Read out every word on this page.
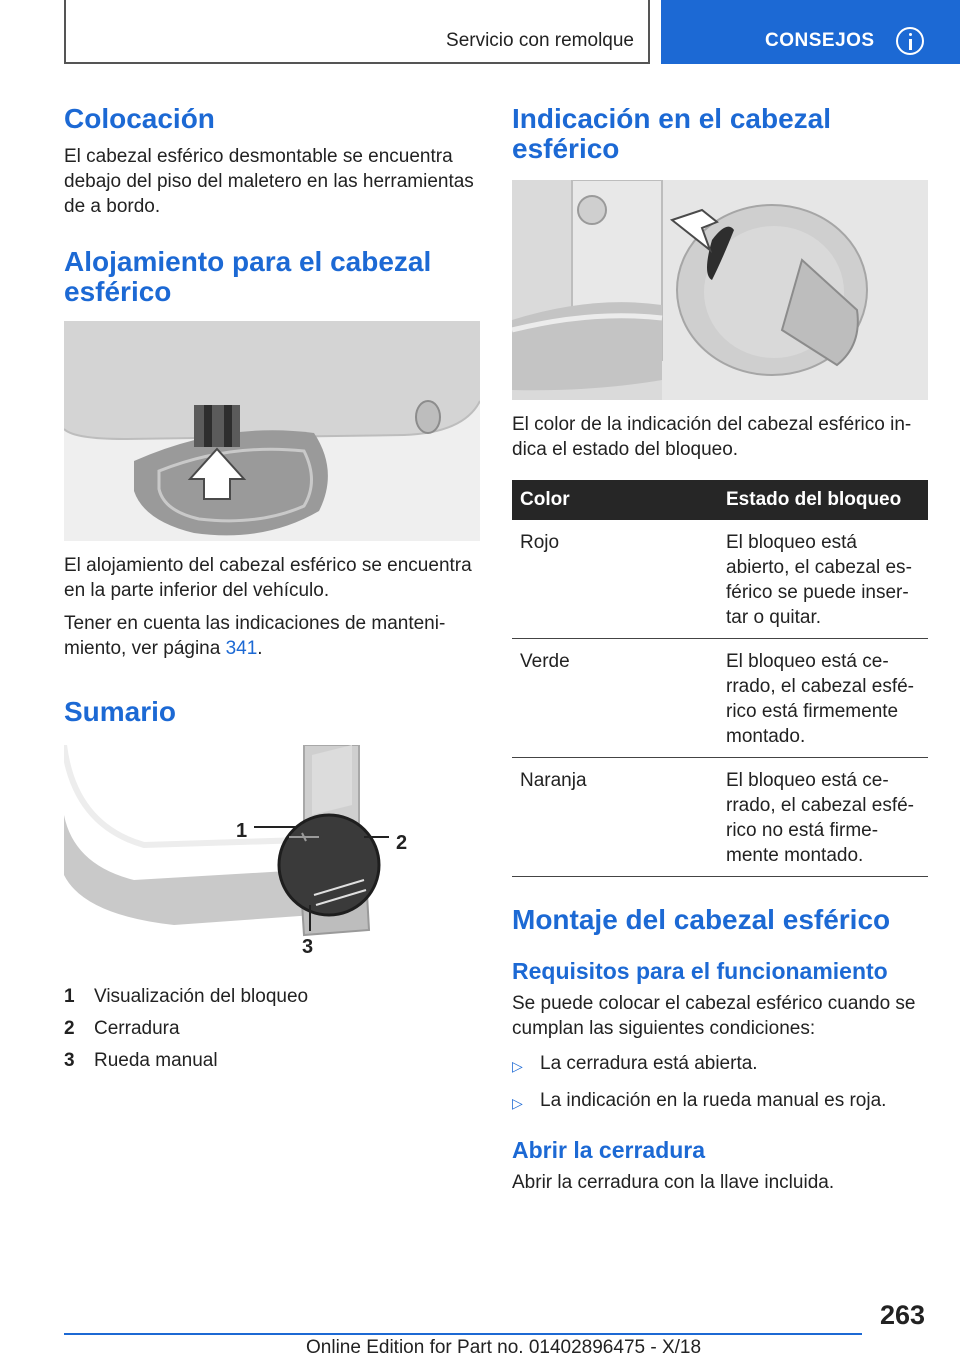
Servicio con remolque	CONSEJOS
Colocación

El cabezal esférico desmontable se encuentra debajo del piso del maletero en las herramientas de a bordo.

Alojamiento para el cabezal esférico

El alojamiento del cabezal esférico se encuentra en la parte inferior del vehículo.

Tener en cuenta las indicaciones de mantenimiento, ver página 341.

Sumario
1
2
3
1	Visualización del bloqueo
2	Cerradura
3	Rueda manual
Indicación en el cabezal esférico

El color de la indicación del cabezal esférico indica el estado del bloqueo.

Color	Estado del bloqueo
Rojo	El bloqueo está abierto, el cabezal esférico se puede insertar o quitar.
Verde	El bloqueo está cerrado, el cabezal esférico está firmemente montado.
Naranja	El bloqueo está cerrado, el cabezal esférico no está firmemente montado.
Montaje del cabezal esférico
Requisitos para el funcionamiento

Se puede colocar el cabezal esférico cuando se cumplan las siguientes condiciones:

▷ La cerradura está abierta.
▷ La indicación en la rueda manual es roja.
Abrir la cerradura

Abrir la cerradura con la llave incluida.

263
Online Edition for Part no. 01402896475 - X/18
